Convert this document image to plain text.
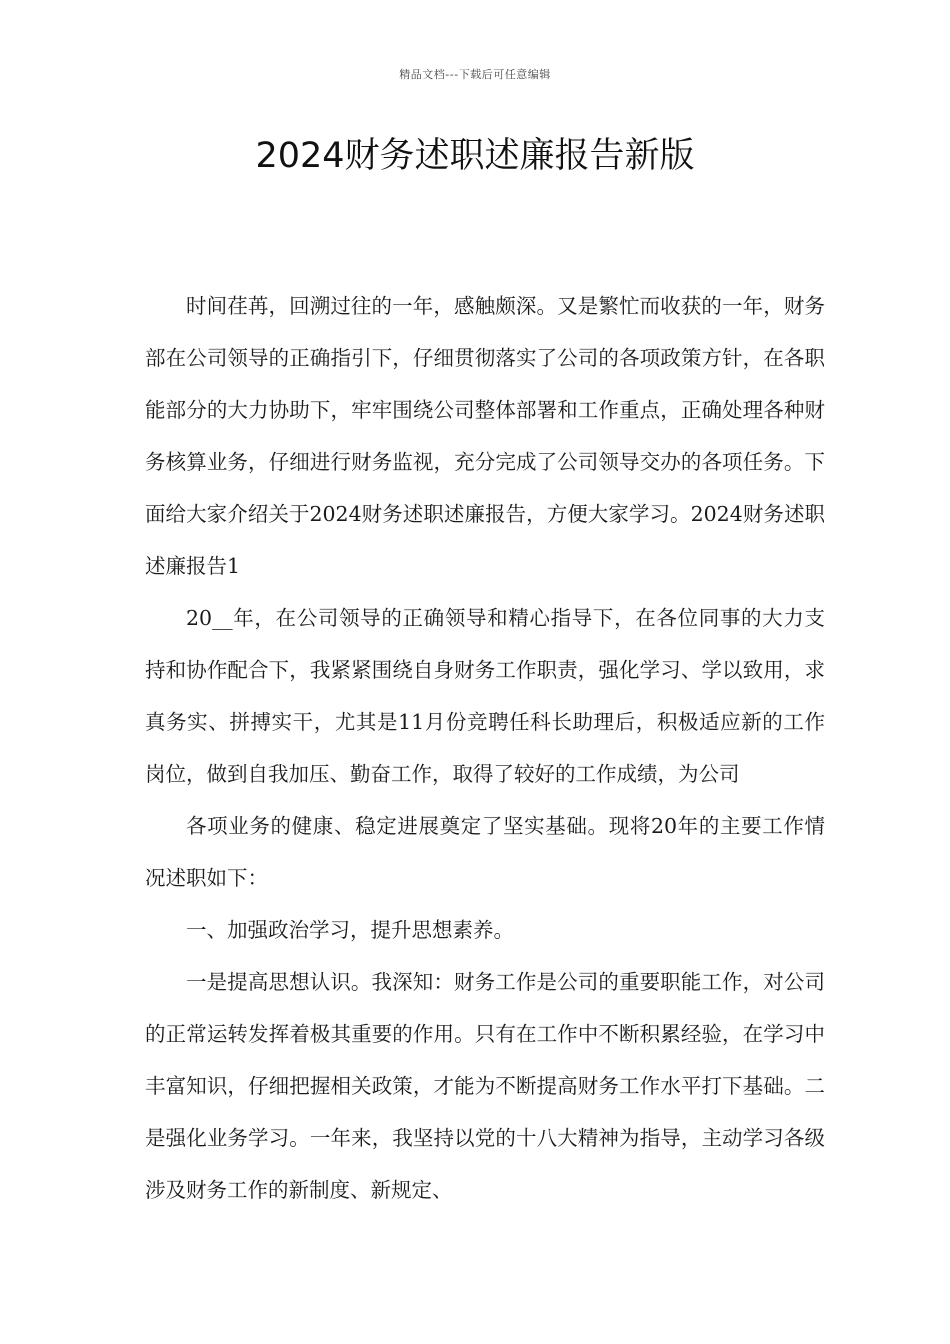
精品文档---下载后可任意编辑
2024财务述职述廉报告新版

时间荏苒，回溯过往的一年，感触颇深。又是繁忙而收获的一年，财务部在公司领导的正确指引下，仔细贯彻落实了公司的各项政策方针，在各职能部分的大力协助下，牢牢围绕公司整体部署和工作重点，正确处理各种财务核算业务，仔细进行财务监视，充分完成了公司领导交办的各项任务。下面给大家介绍关于2024财务述职述廉报告，方便大家学习。2024财务述职述廉报告1

20__年，在公司领导的正确领导和精心指导下，在各位同事的大力支持和协作配合下，我紧紧围绕自身财务工作职责，强化学习、学以致用，求真务实、拼搏实干，尤其是11月份竞聘任科长助理后，积极适应新的工作岗位，做到自我加压、勤奋工作，取得了较好的工作成绩，为公司

各项业务的健康、稳定进展奠定了坚实基础。现将20年的主要工作情况述职如下：

一、加强政治学习，提升思想素养。

一是提高思想认识。我深知：财务工作是公司的重要职能工作，对公司的正常运转发挥着极其重要的作用。只有在工作中不断积累经验，在学习中丰富知识，仔细把握相关政策，才能为不断提高财务工作水平打下基础。二是强化业务学习。一年来，我坚持以党的十八大精神为指导，主动学习各级涉及财务工作的新制度、新规定、
